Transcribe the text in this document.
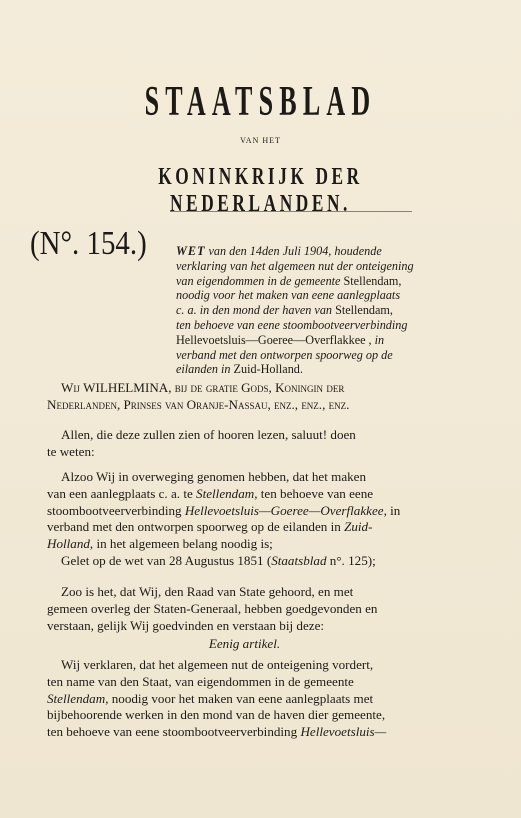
STAATSBLAD
VAN HET
KONINKRIJK DER NEDERLANDEN.
(N°. 154.) WET van den 14den Juli 1904, houdende
verklaring van het algemeen nut der onteigening
van eigendommen in de gemeente Stellendam,
noodig voor het maken van eene aanlegplaats
c. a. in den mond der haven van Stellendam,
ten behoeve van eene stoombootveerverbinding
Hellevoetsluis—Goeree—Overflakkee , in
verband met den ontworpen spoorweg op de
eilanden in Zuid-Holland.
Wij WILHELMINA, bij de gratie Gods, Koningin der
Nederlanden, Prinses van Oranje-Nassau, enz., enz., enz.
Allen, die deze zullen zien of hooren lezen, saluut! doen
te weten:
Alzoo Wij in overweging genomen hebben, dat het maken
van een aanlegplaats c. a. te Stellendam, ten behoeve van eene
stoombootveerverbinding Hellevoetsluis—Goeree—Overflakkee, in
verband met den ontworpen spoorweg op de eilanden in Zuid-
Holland, in het algemeen belang noodig is;
Gelet op de wet van 28 Augustus 1851 (Staatsblad n°. 125);
Zoo is het, dat Wij, den Raad van State gehoord, en met
gemeen overleg der Staten-Generaal, hebben goedgevonden en
verstaan, gelijk Wij goedvinden en verstaan bij deze:
Eenig artikel.
Wij verklaren, dat het algemeen nut de onteigening vordert,
ten name van den Staat, van eigendommen in de gemeente
Stellendam, noodig voor het maken van eene aanlegplaats met
bijbehoorende werken in den mond van de haven dier gemeente,
ten behoeve van eene stoombootveerverbinding Hellevoetsluis—
